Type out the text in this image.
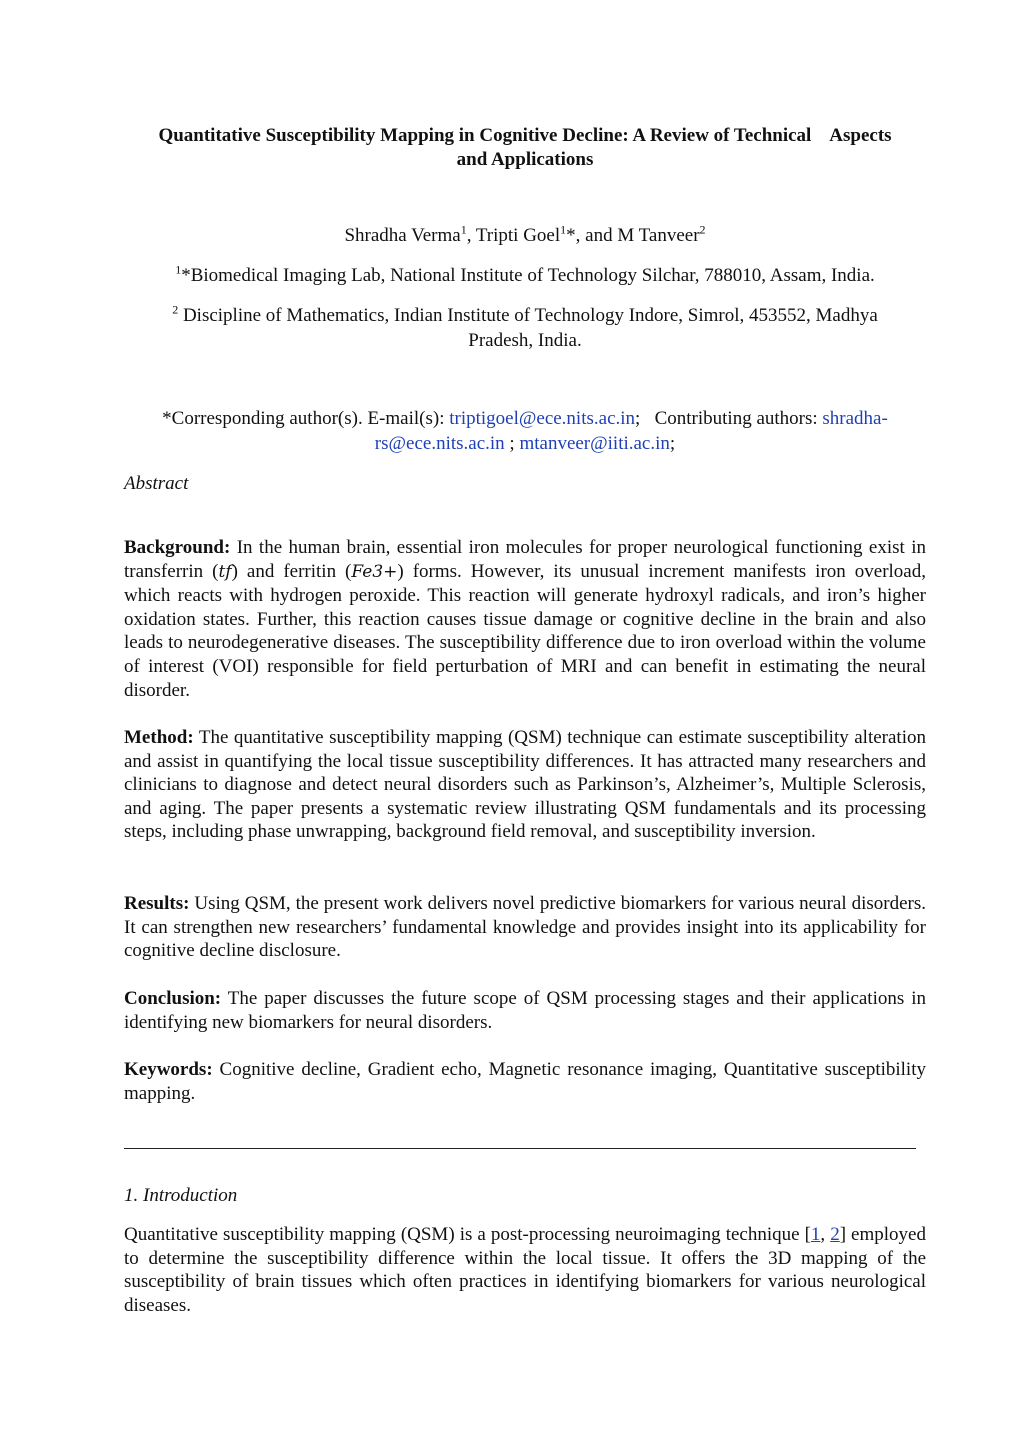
Quantitative Susceptibility Mapping in Cognitive Decline: A Review of Technical    Aspects
and Applications
Shradha Verma$^1$, Tripti Goel$^1$*, and M Tanveer$^2$
$^1$*Biomedical Imaging Lab, National Institute of Technology Silchar, 788010, Assam, India.
$^2$ Discipline of Mathematics, Indian Institute of Technology Indore, Simrol, 453552, Madhya
Pradesh, India.
*Corresponding author(s). E-mail(s): triptigoel@ece.nits.ac.in;   Contributing authors: shradha-
rs@ece.nits.ac.in ; mtanveer@iiti.ac.in;
Abstract
Background: In the human brain, essential iron molecules for proper neurological functioning exist in transferrin (tf) and ferritin (Fe3+) forms. However, its unusual increment manifests iron overload, which reacts with hydrogen peroxide. This reaction will generate hydroxyl radicals, and iron’s higher oxidation states. Further, this reaction causes tissue damage or cognitive decline in the brain and also leads to neurodegenerative diseases. The susceptibility difference due to iron overload within the volume of interest (VOI) responsible for field perturbation of MRI and can benefit in estimating the neural disorder.
Method: The quantitative susceptibility mapping (QSM) technique can estimate susceptibility alteration and assist in quantifying the local tissue susceptibility differences. It has attracted many researchers and clinicians to diagnose and detect neural disorders such as Parkinson’s, Alzheimer’s, Multiple Sclerosis, and aging. The paper presents a systematic review illustrating QSM fundamentals and its processing steps, including phase unwrapping, background field removal, and susceptibility inversion.
Results: Using QSM, the present work delivers novel predictive biomarkers for various neural disorders. It can strengthen new researchers’ fundamental knowledge and provides insight into its applicability for cognitive decline disclosure.
Conclusion: The paper discusses the future scope of QSM processing stages and their applications in identifying new biomarkers for neural disorders.
Keywords: Cognitive decline, Gradient echo, Magnetic resonance imaging, Quantitative susceptibility mapping.
1. Introduction
Quantitative susceptibility mapping (QSM) is a post-processing neuroimaging technique [1, 2] employed to determine the susceptibility difference within the local tissue. It offers the 3D mapping of the susceptibility of brain tissues which often practices in identifying biomarkers for various neurological diseases.
